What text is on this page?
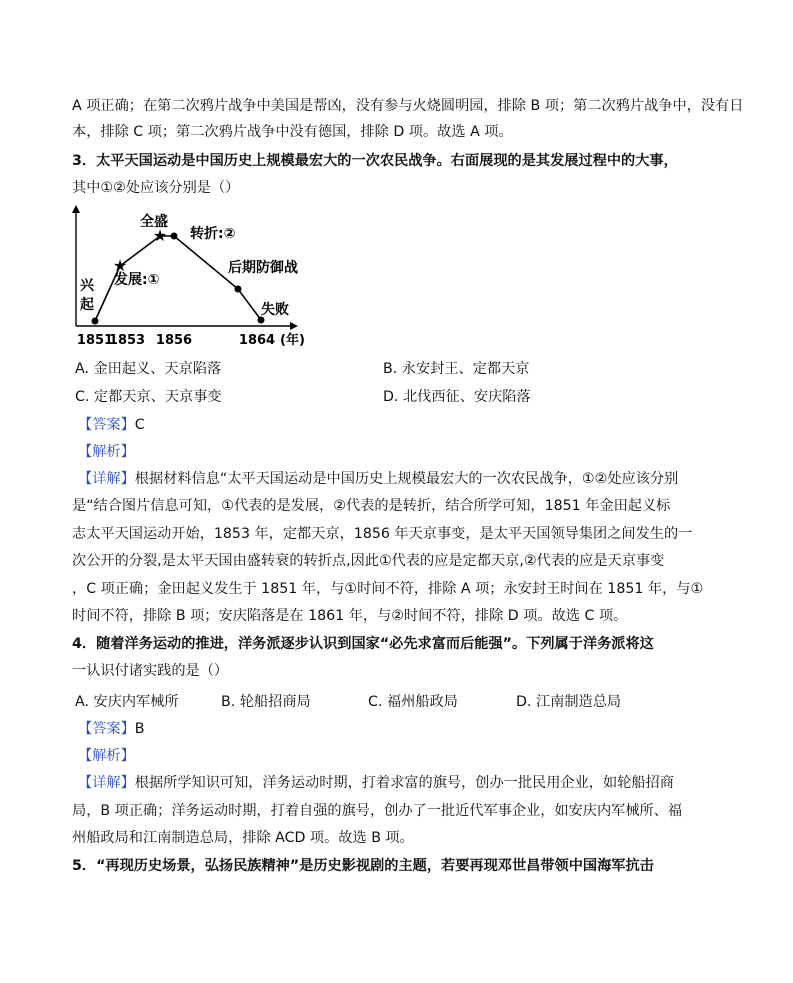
A 项正确；在第二次鸦片战争中美国是帮凶，没有参与火烧圆明园，排除 B 项；第二次鸦片战争中，没有日
本，排除 C 项；第二次鸦片战争中没有德国，排除 D 项。故选 A 项。
3．太平天国运动是中国历史上规模最宏大的一次农民战争。右面展现的是其发展过程中的大事，
其中①②处应该分别是（）
★
★
兴
起
发展:①
全盛
转折:②
后期防御战
失败
1851
1853 1856	1864 (年)
A. 金田起义、天京陷落	B. 永安封王、定都天京
C. 定都天京、天京事变	D. 北伐西征、安庆陷落
【答案】C
【解析】
【详解】根据材料信息“太平天国运动是中国历史上规模最宏大的一次农民战争，①②处应该分别
是“结合图片信息可知，①代表的是发展，②代表的是转折，结合所学可知，1851 年金田起义标
志太平天国运动开始，1853 年，定都天京，1856 年天京事变，是太平天国领导集团之间发生的一
次公开的分裂,是太平天国由盛转衰的转折点,因此①代表的应是定都天京,②代表的应是天京事变
，C 项正确；金田起义发生于 1851 年，与①时间不符，排除 A 项；永安封王时间在 1851 年，与①
时间不符，排除 B 项；安庆陷落是在 1861 年，与②时间不符，排除 D 项。故选 C 项。
4．随着洋务运动的推进，洋务派逐步认识到国家“必先求富而后能强”。下列属于洋务派将这
一认识付诸实践的是（）
A. 安庆内军械所	B. 轮船招商局	C. 福州船政局	D. 江南制造总局
【答案】B
【解析】
【详解】根据所学知识可知，洋务运动时期，打着求富的旗号，创办一批民用企业，如轮船招商
局，B 项正确；洋务运动时期，打着自强的旗号，创办了一批近代军事企业，如安庆内军械所、福
州船政局和江南制造总局，排除 ACD 项。故选 B 项。
5．“再现历史场景，弘扬民族精神”是历史影视剧的主题，若要再现邓世昌带领中国海军抗击
